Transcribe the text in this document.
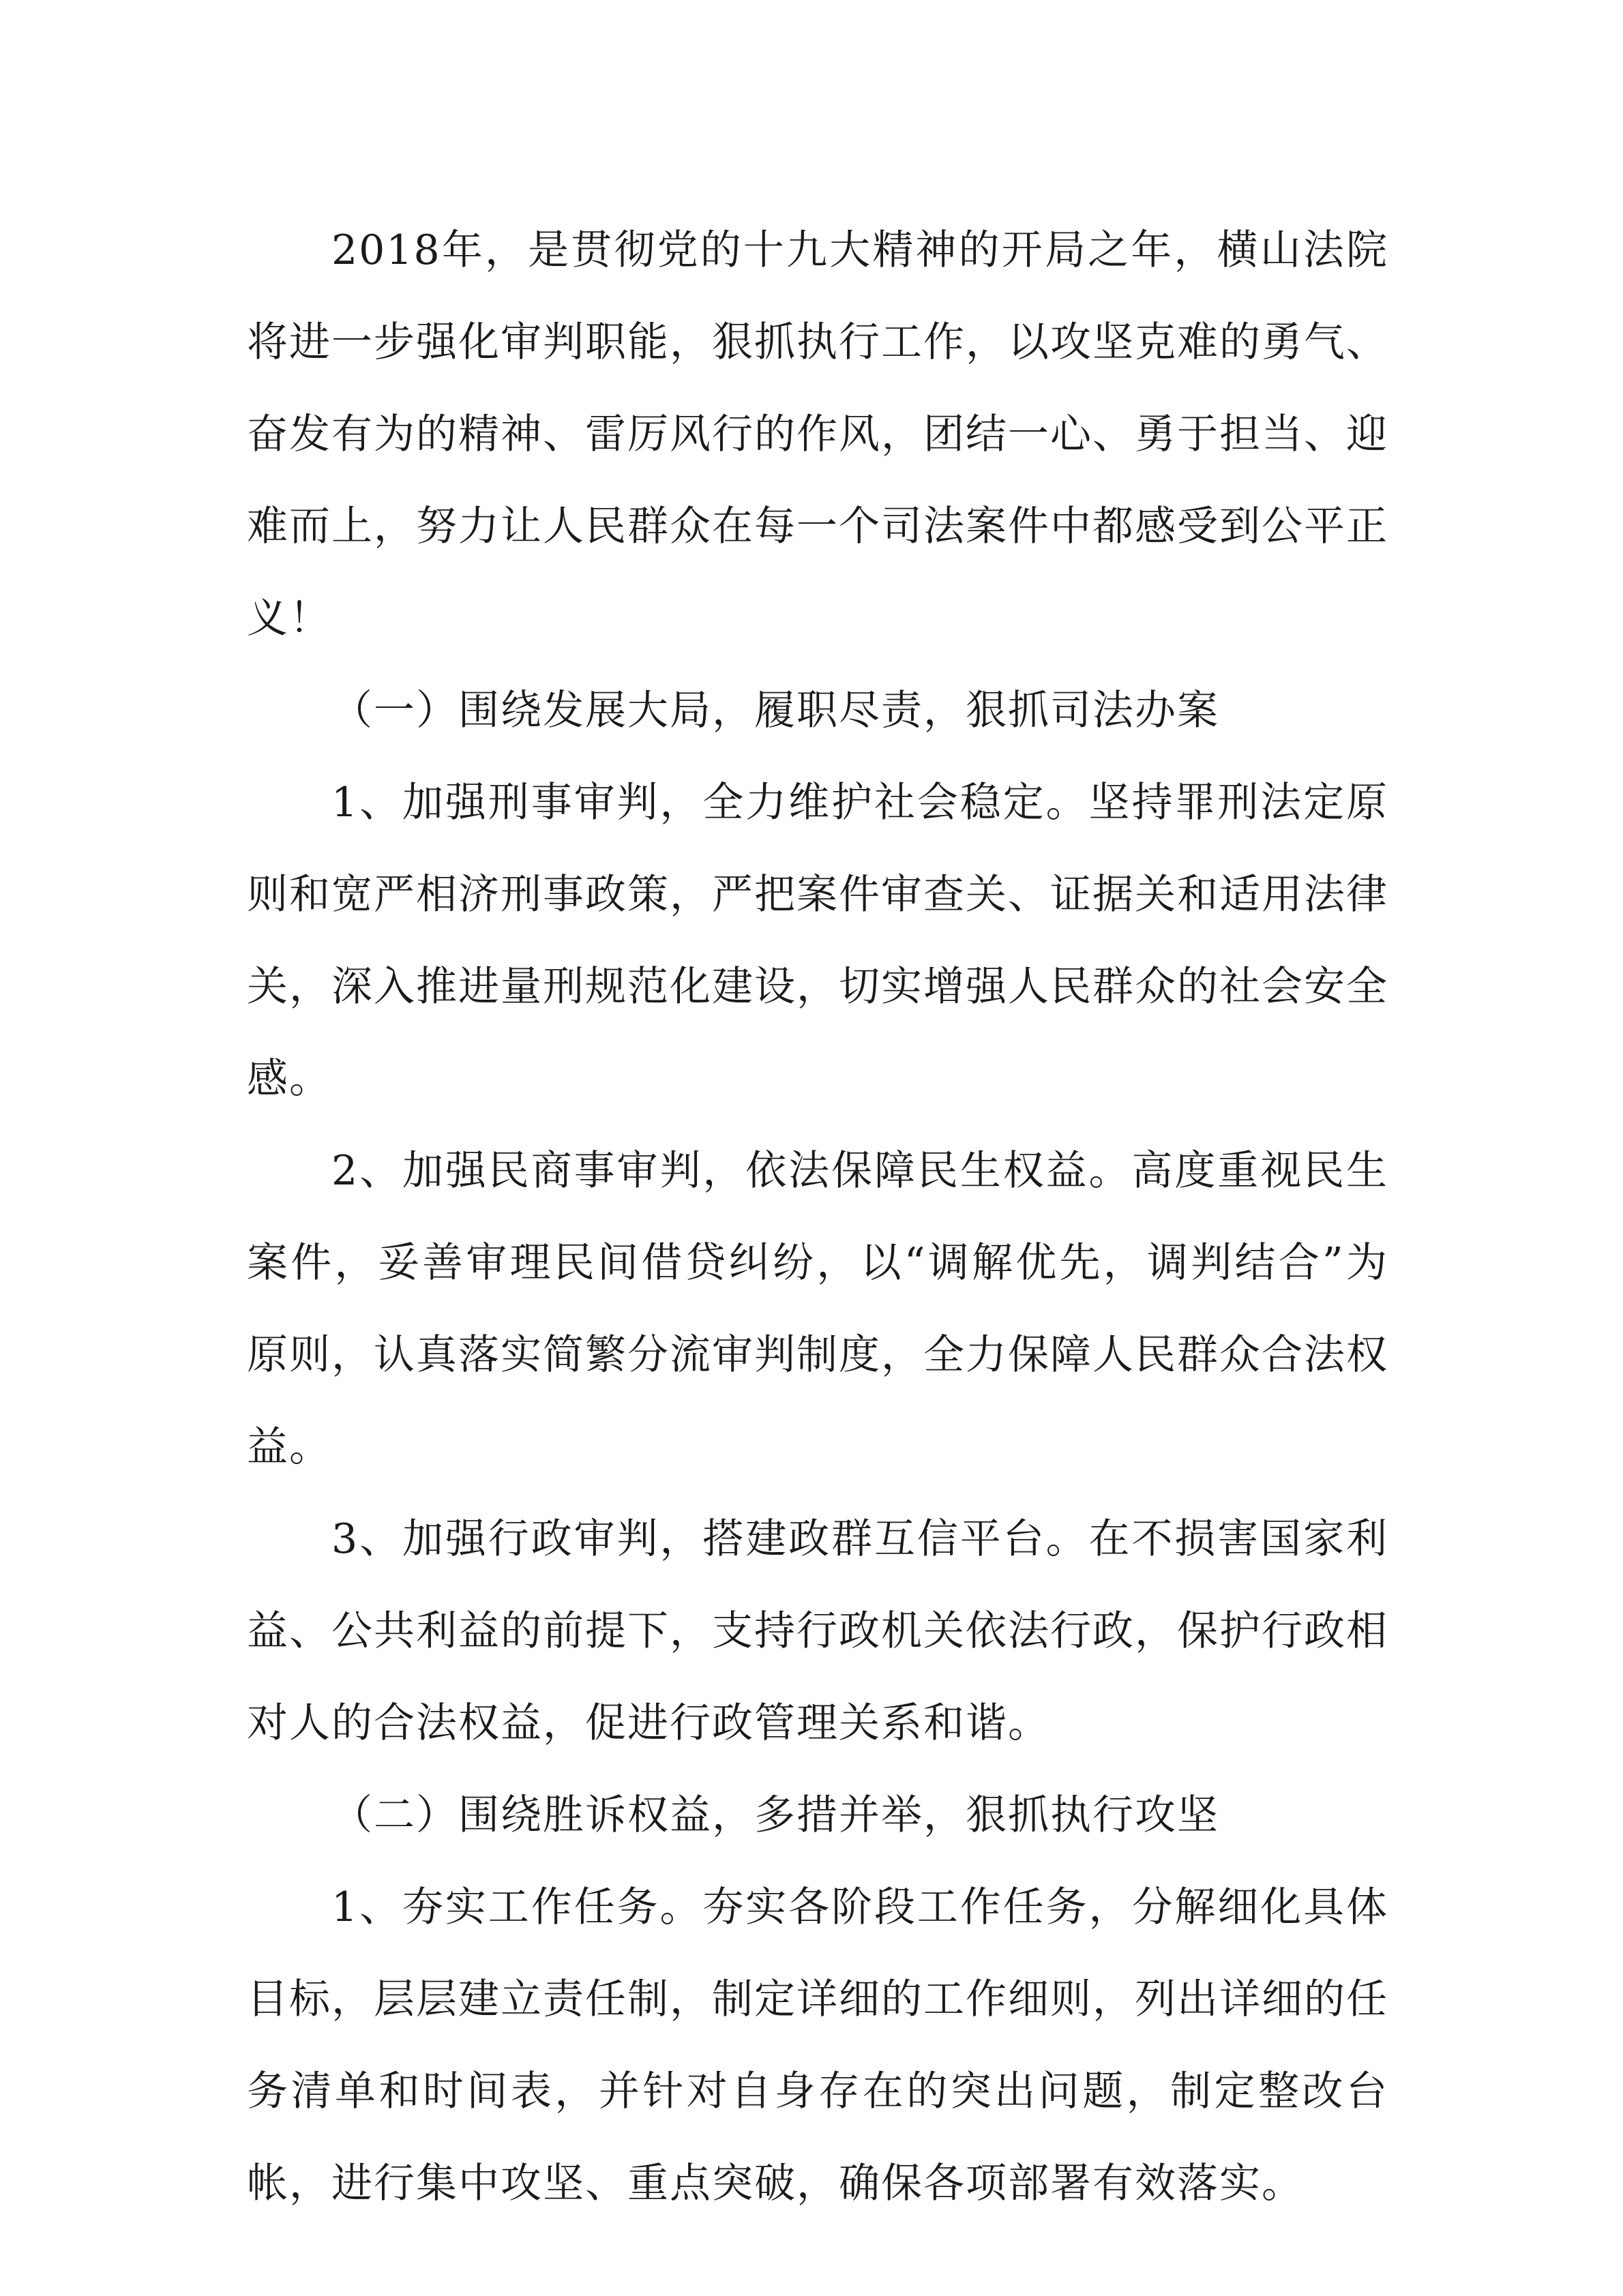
2018年，是贯彻党的十九大精神的开局之年，横山法院将进一步强化审判职能，狠抓执行工作，以攻坚克难的勇气、奋发有为的精神、雷厉风行的作风，团结一心、勇于担当、迎难而上，努力让人民群众在每一个司法案件中都感受到公平正义！

（一）围绕发展大局，履职尽责，狠抓司法办案

1、加强刑事审判，全力维护社会稳定。坚持罪刑法定原则和宽严相济刑事政策，严把案件审查关、证据关和适用法律关，深入推进量刑规范化建设，切实增强人民群众的社会安全感。

2、加强民商事审判，依法保障民生权益。高度重视民生案件，妥善审理民间借贷纠纷，以“调解优先，调判结合”为原则，认真落实简繁分流审判制度，全力保障人民群众合法权益。

3、加强行政审判，搭建政群互信平台。在不损害国家利益、公共利益的前提下，支持行政机关依法行政，保护行政相对人的合法权益，促进行政管理关系和谐。

（二）围绕胜诉权益，多措并举，狠抓执行攻坚

1、夯实工作任务。夯实各阶段工作任务，分解细化具体目标，层层建立责任制，制定详细的工作细则，列出详细的任务清单和时间表，并针对自身存在的突出问题，制定整改台帐，进行集中攻坚、重点突破，确保各项部署有效落实。
